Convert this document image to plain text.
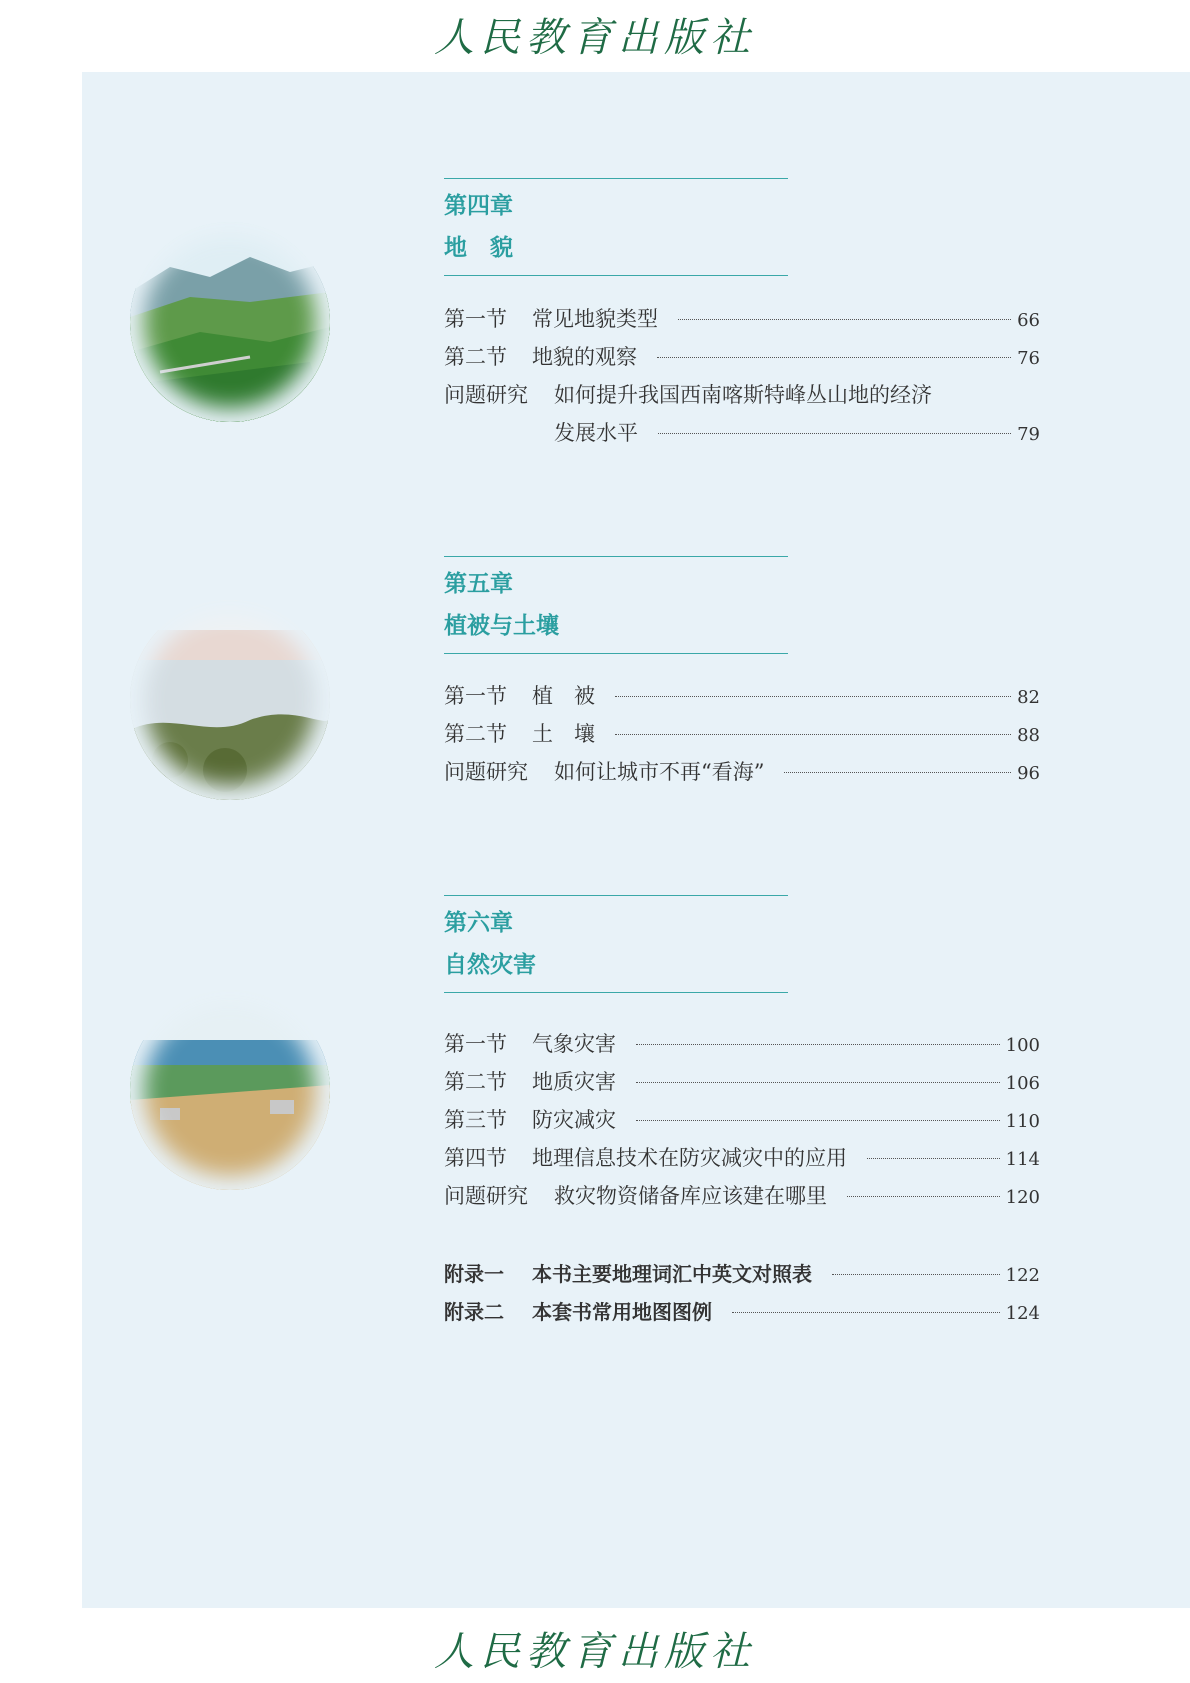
人民教育出版社
第四章
地　貌
第一节	常见地貌类型	66
第二节	地貌的观察	76
问题研究	如何提升我国西南喀斯特峰丛山地的经济
发展水平	79
第五章
植被与土壤
第一节	植　被	82
第二节	土　壤	88
问题研究	如何让城市不再“看海”	96
第六章
自然灾害
第一节	气象灾害	100
第二节	地质灾害	106
第三节	防灾减灾	110
第四节	地理信息技术在防灾减灾中的应用	114
问题研究	救灾物资储备库应该建在哪里	120
附录一	本书主要地理词汇中英文对照表	122
附录二	本套书常用地图图例	124
人民教育出版社
